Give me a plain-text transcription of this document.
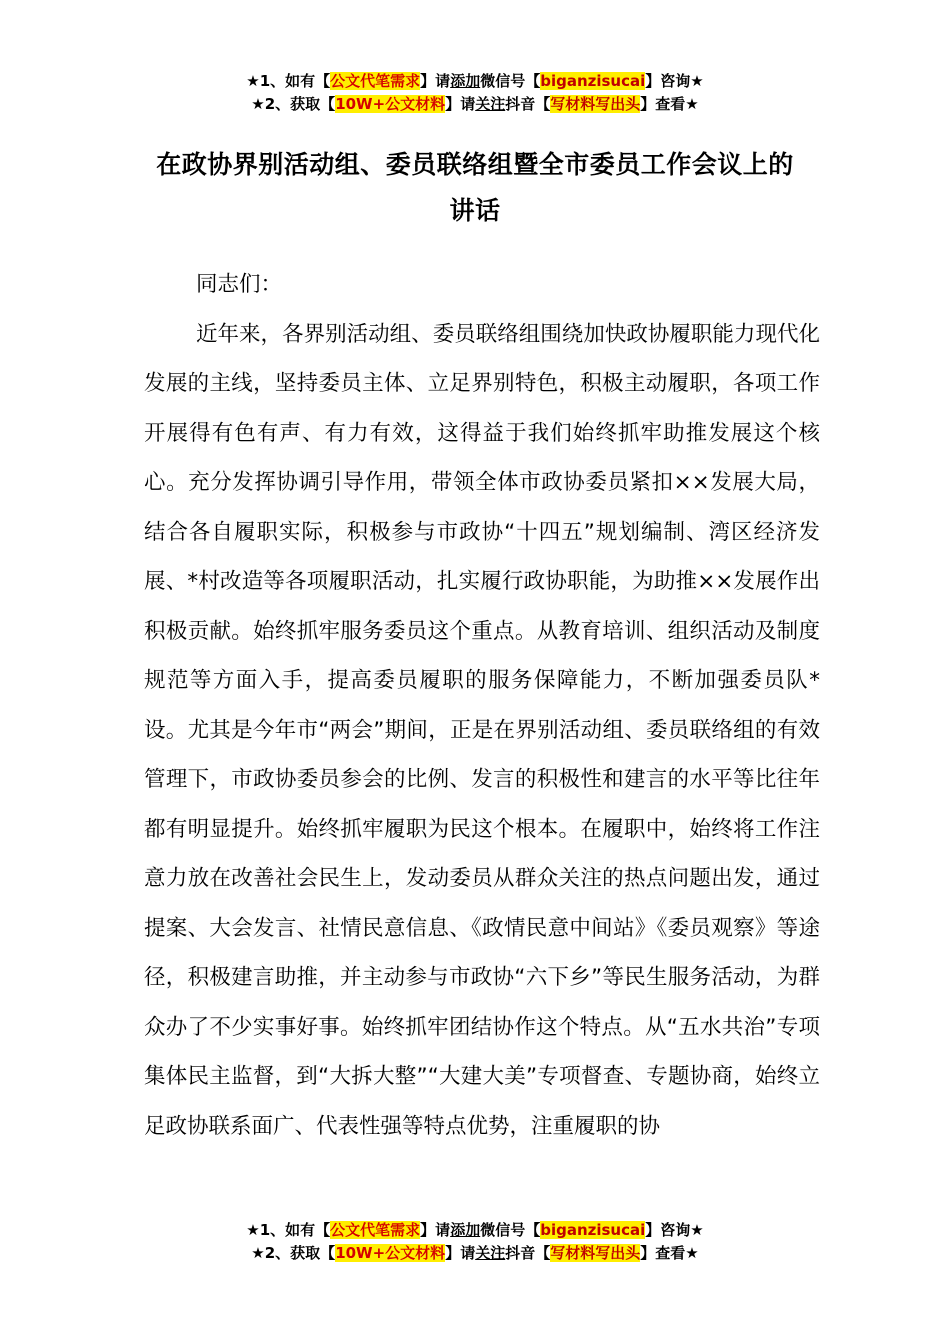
★1、如有【公文代笔需求】请添加微信号【biganzisucai】咨询★
★2、获取【10W+公文材料】请关注抖音【写材料写出头】查看★
在政协界别活动组、委员联络组暨全市委员工作会议上的
讲话

同志们：

近年来，各界别活动组、委员联络组围绕加快政协履职能力现代化发展的主线，坚持委员主体、立足界别特色，积极主动履职，各项工作开展得有色有声、有力有效，这得益于我们始终抓牢助推发展这个核心。充分发挥协调引导作用，带领全体市政协委员紧扣××发展大局，结合各自履职实际，积极参与市政协“十四五”规划编制、湾区经济发展、*村改造等各项履职活动，扎实履行政协职能，为助推××发展作出积极贡献。始终抓牢服务委员这个重点。从教育培训、组织活动及制度规范等方面入手，提高委员履职的服务保障能力，不断加强委员队*设。尤其是今年市“两会”期间，正是在界别活动组、委员联络组的有效管理下，市政协委员参会的比例、发言的积极性和建言的水平等比往年都有明显提升。始终抓牢履职为民这个根本。在履职中，始终将工作注意力放在改善社会民生上，发动委员从群众关注的热点问题出发，通过提案、大会发言、社情民意信息、《政情民意中间站》《委员观察》等途径，积极建言助推，并主动参与市政协“六下乡”等民生服务活动，为群众办了不少实事好事。始终抓牢团结协作这个特点。从“五水共治”专项集体民主监督，到“大拆大整”“大建大美”专项督查、专题协商，始终立足政协联系面广、代表性强等特点优势，注重履职的协

★1、如有【公文代笔需求】请添加微信号【biganzisucai】咨询★
★2、获取【10W+公文材料】请关注抖音【写材料写出头】查看★
